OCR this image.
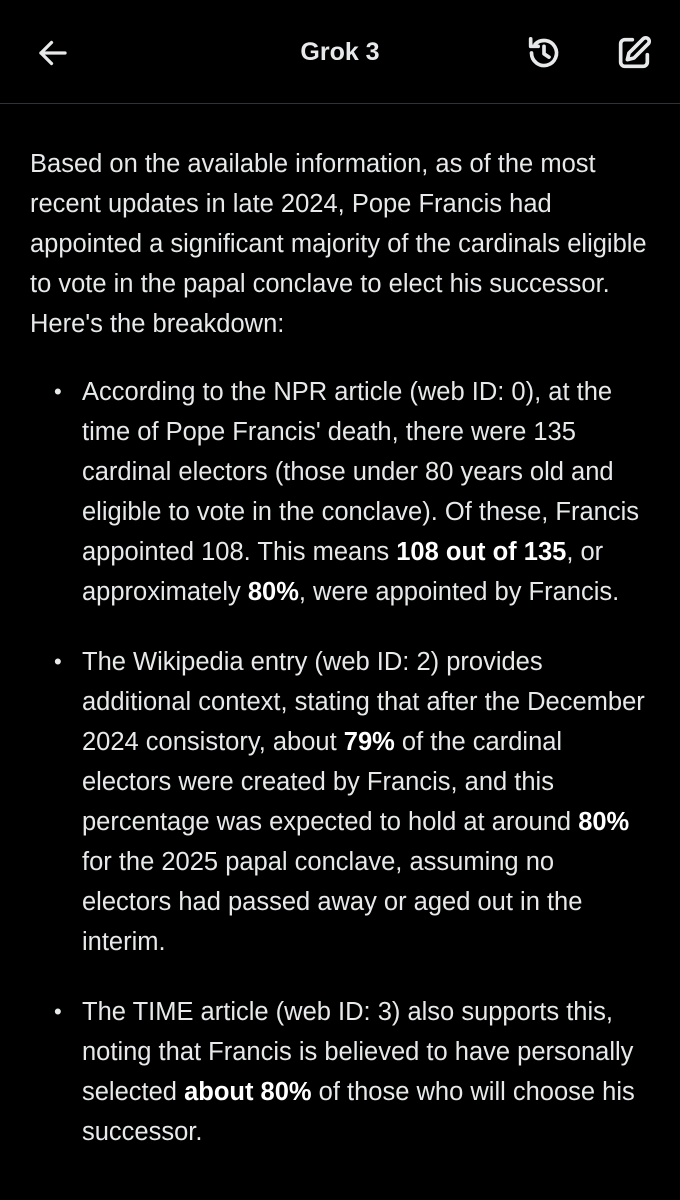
Grok 3

Based on the available information, as of the most recent updates in late 2024, Pope Francis had appointed a significant majority of the cardinals eligible to vote in the papal conclave to elect his successor. Here's the breakdown:

• According to the NPR article (web ID: 0), at the time of Pope Francis' death, there were 135 cardinal electors (those under 80 years old and eligible to vote in the conclave). Of these, Francis appointed 108. This means 108 out of 135, or approximately 80%, were appointed by Francis.
• The Wikipedia entry (web ID: 2) provides additional context, stating that after the December 2024 consistory, about 79% of the cardinal electors were created by Francis, and this percentage was expected to hold at around 80% for the 2025 papal conclave, assuming no electors had passed away or aged out in the interim.
• The TIME article (web ID: 3) also supports this, noting that Francis is believed to have personally selected about 80% of those who will choose his successor.
